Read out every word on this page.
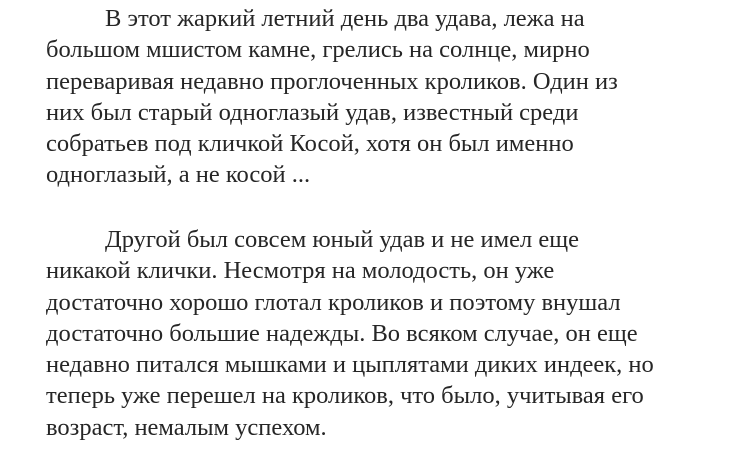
В этот жаркий летний день два удава, лежа на
большом мшистом камне, грелись на солнце, мирно
переваривая недавно проглоченных кроликов. Один из
них был старый одноглазый удав, известный среди
собратьев под кличкой Косой, хотя он был именно
одноглазый, а не косой ...
Другой был совсем юный удав и не имел еще
никакой клички. Несмотря на молодость, он уже
достаточно хорошо глотал кроликов и поэтому внушал
достаточно большие надежды. Во всяком случае, он еще
недавно питался мышками и цыплятами диких индеек, но
теперь уже перешел на кроликов, что было, учитывая его
возраст, немалым успехом.
